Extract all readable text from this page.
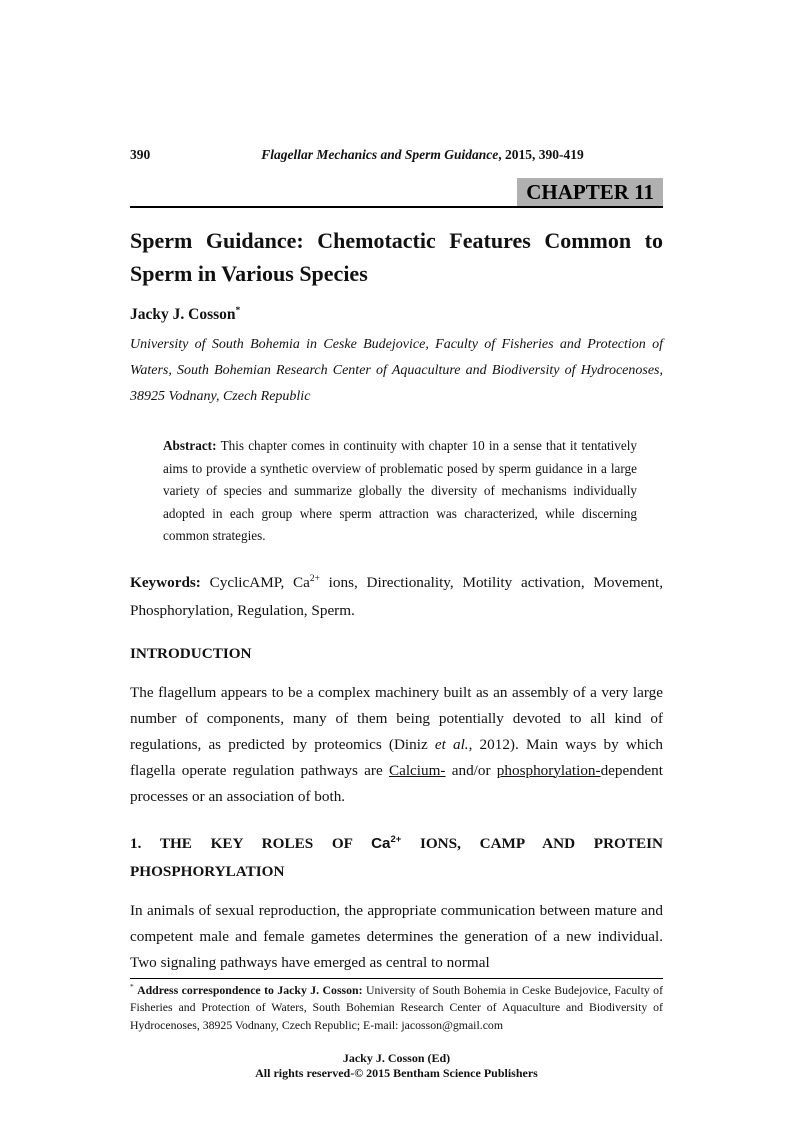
390	Flagellar Mechanics and Sperm Guidance, 2015, 390-419
CHAPTER 11
Sperm Guidance: Chemotactic Features Common to Sperm in Various Species
Jacky J. Cosson*
University of South Bohemia in Ceske Budejovice, Faculty of Fisheries and Protection of Waters, South Bohemian Research Center of Aquaculture and Biodiversity of Hydrocenoses, 38925 Vodnany, Czech Republic
Abstract: This chapter comes in continuity with chapter 10 in a sense that it tentatively aims to provide a synthetic overview of problematic posed by sperm guidance in a large variety of species and summarize globally the diversity of mechanisms individually adopted in each group where sperm attraction was characterized, while discerning common strategies.
Keywords: CyclicAMP, $Ca^{2+}$ ions, Directionality, Motility activation, Movement, Phosphorylation, Regulation, Sperm.
INTRODUCTION

The flagellum appears to be a complex machinery built as an assembly of a very large number of components, many of them being potentially devoted to all kind of regulations, as predicted by proteomics (Diniz et al., 2012). Main ways by which flagella operate regulation pathways are Calcium- and/or phosphorylation-dependent processes or an association of both.

1. THE KEY ROLES OF $Ca^{2+}$ IONS, CAMP AND PROTEIN PHOSPHORYLATION

In animals of sexual reproduction, the appropriate communication between mature and competent male and female gametes determines the generation of a new individual. Two signaling pathways have emerged as central to normal

* Address correspondence to Jacky J. Cosson: University of South Bohemia in Ceske Budejovice, Faculty of Fisheries and Protection of Waters, South Bohemian Research Center of Aquaculture and Biodiversity of Hydrocenoses, 38925 Vodnany, Czech Republic; E-mail: jacosson@gmail.com
Jacky J. Cosson (Ed)
All rights reserved-© 2015 Bentham Science Publishers
